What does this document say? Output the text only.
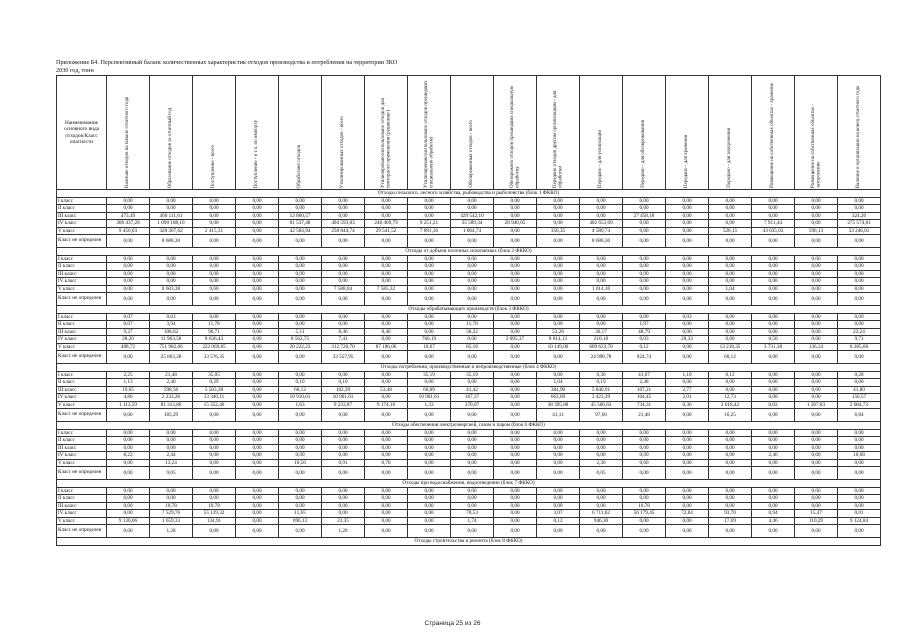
Приложение Б4. Перспективный баланс количественных характеристик отходов производства и потребления на территории ЗКО
2030 год, тонн
Наименование основного вида отходов/Класс опасности	Наличие отходов на начало отчетного года	Образование отходов за отчетный год	Поступление - всего	Поступление - в т.ч. по импорту	Обработано отходов	Утилизированных отходов - всего	Утилизировано/использовано отходов для повторного применения (рециклинг)	Утилизировано/использовано отходов прошедших специальную обработку	Обезвреженных отходов - всего	Обезврежено отходов прошедших специальную обработку	Передано отходов другим организациям - для обработки	Передано - для утилизации	Передано - для обезвреживания	Передано - для хранения	Передано - для захоронения	Размещение на собственных объектах - хранение	Размещение на собственных объектах - захоронение	Наличие в организации на конец отчетного года

Отходы сельского, лесного хозяйства, рыбоводства и рыболовства (блок 1 ФККО)																		
I класс	0,00	0,00	0,00	0,00	0,00	0,00	0,00	0,00	0,00	0,00	0,00	0,00	0,00	0,00	0,00	0,00	0,00	0,00
II класс	0,00	0,00	0,00	0,00	0,00	0,00	0,00	0,00	0,00	0,00	0,00	0,00	0,00	0,00	0,00	0,00	0,00	0,00
III класс	473,49	460 111,61	0,00	0,00	12 860,57	0,00	0,00	0,00	429 542,10	0,00	0,00	0,00	27 458,18	0,00	0,00	0,00	0,00	324,20
IV класс	306 437,28	1 090 188,10	0,00	0,00	81 537,48	494 593,83	248 469,79	9 251,21	35 589,34	28 940,05	0,00	402 653,09	0,00	0,00	0,00	7 911,44	0,00	275 574,81
V класс	9 456,03	328 367,62	2 415,31	0,00	42 584,94	258 844,74	29 541,52	7 891,36	1 064,74	0,00	356,35	4 580,74	0,00	0,00	526,15	43 035,03	596,13	33 246,01
Класс не определен	0,00	8 688,30	0,00	0,00	0,00	0,00	0,00	0,00	0,00	0,00	0,00	8 688,30	0,00	0,00	0,00	0,00	0,00	0,00
Отходы от добычи полезных ископаемых (блок 2 ФККО)																		
I класс	0,00	0,00	0,00	0,00	0,00	0,00	0,00	0,00	0,00	0,00	0,00	0,00	0,00	0,00	0,00	0,00	0,00	0,00
II класс	0,00	0,00	0,00	0,00	0,00	0,00	0,00	0,00	0,00	0,00	0,00	0,00	0,00	0,00	0,00	0,00	0,00	0,00
III класс	0,00	0,00	0,00	0,00	0,00	0,00	0,00	0,00	0,00	0,00	0,00	0,00	0,00	0,00	0,00	0,00	0,00	0,00
IV класс	0,00	0,00	0,00	0,00	0,00	0,00	0,00	0,00	0,00	0,00	0,00	0,00	0,00	0,00	0,00	0,00	0,00	0,00
V класс	0,00	8 603,38	9,60	0,00	0,00	7 588,04	7 585,32	0,00	0,00	0,00	0,00	1 014,10	0,00	0,00	1,04	0,00	0,00	8,00
Класс не определен	0,00	0,00	0,00	0,00	0,00	0,00	0,00	0,00	0,00	0,00	0,00	0,00	0,00	0,00	0,00	0,00	0,00	0,00
Отходы обрабатывающих производств (блок 3 ФККО)																		
I класс	0,07	0,03	0,00	0,00	0,00	0,00	0,00	0,00	0,00	0,00	0,00	0,00	0,00	0,03	0,00	0,00	0,00	0,00
II класс	0,07	3,94	11,78	0,00	0,00	0,00	0,00	0,00	11,78	0,00	0,00	0,00	1,97	0,00	0,00	0,00	0,00	0,00
III класс	9,27	108,62	96,71	0,00	5,11	8,46	8,46	0,00	38,32	0,00	53,26	36,17	48,79	0,00	0,00	0,00	0,00	22,24
IV класс	28,20	11 963,58	8 636,43	0,00	8 562,75	7,41	0,00	760,19	0,00	2 895,37	8 814,13	210,18	0,03	28,33	0,00	0,50	0,00	9,71
V класс	488,72	751 982,06	222 069,85	0,00	20 222,23	312 720,70	87 186,06	10,67	85,18	0,00	10 149,00	609 623,70	0,12	0,00	13 218,35	3 731,38	136,24	8 285,68
Класс не определен	0,00	25 863,28	33 576,35	0,00	0,00	33 557,95	0,00	0,00	0,00	0,00	0,00	24 996,78	824,74	0,00	60,12	0,00	0,00	0,00
Отходы потребления, производственные и непроизводственные (блок 4 ФККО)																		
I класс	2,25	21,48	35,05	0,00	0,00	0,00	0,00	35,19	35,19	0,00	0,00	0,36	41,67	1,10	0,12	0,00	0,00	0,28
II класс	1,13	2,40	0,29	0,00	0,10	0,10	0,00	0,00	0,00	0,00	1,04	0,19	2,48	0,00	0,00	0,00	0,00	0,00
III класс	19,65	598,56	5 503,38	0,00	68,12	102,29	53,48	66,09	41,42	0,00	384,90	5 840,91	107,21	2,77	0,00	0,00	0,00	41,80
IV класс	4,86	2 233,26	13 340,11	0,00	10 910,61	10 901,61	0,00	10 901,61	167,37	0,00	663,69	3 423,39	104,45	2,01	12,73	0,00	0,00	156,57
V класс	1 113,59	81 313,86	15 352,46	0,00	1,63	9 233,87	9 174,16	1,33	370,07	0,00	38 395,88	45 566,63	734,31	0,36	2 618,42	0,02	1 367,83	2 004,73
Класс не определен	0,00	183,29	0,00	0,00	0,00	0,00	0,00	0,00	0,00	0,00	41,11	97,60	21,48	0,00	16,25	0,00	0,00	6,84
Отходы обеспечения электроэнергией, газом и паром (блок 6 ФККО)																		
I класс	0,00	0,00	0,00	0,00	0,00	0,00	0,00	0,00	0,00	0,00	0,00	0,00	0,00	0,00	0,00	0,00	0,00	0,00
II класс	0,00	0,00	0,00	0,00	0,00	0,00	0,00	0,00	0,00	0,00	0,00	0,00	0,00	0,00	0,00	0,00	0,00	0,00
III класс	0,00	0,00	0,00	0,00	0,00	0,00	0,00	0,00	0,00	0,00	0,00	0,00	0,00	0,00	0,00	0,00	0,00	0,00
IV класс	8,22	2,44	0,00	0,00	0,00	0,00	0,00	0,00	0,00	0,00	0,00	0,00	0,00	0,00	0,00	2,46	0,00	10,68
V класс	0,00	13,24	0,00	0,00	10,56	0,91	0,78	0,00	0,00	0,00	0,00	2,36	0,60	0,00	0,00	0,00	0,00	0,00
Класс не определен	0,00	9,05	0,00	0,00	0,00	0,00	0,00	0,00	0,00	0,00	0,00	0,05	0,00	0,00	0,00	0,00	0,00	0,00
Отходы при водоснабжении, водоотведении (блок 7 ФККО)																		
I класс	0,00	0,00	0,00	0,00	0,00	0,00	0,00	0,00	0,00	0,00	0,00	0,00	0,00	0,00	0,00	0,00	0,00	0,00
II класс	0,00	0,00	0,00	0,00	0,00	0,00	0,00	0,00	0,00	0,00	0,00	0,00	0,00	0,00	0,00	0,00	0,00	0,00
III класс	0,00	10,78	10,78	0,00	0,00	0,00	0,00	0,00	0,00	0,00	0,00	0,00	10,78	0,00	0,00	0,00	0,00	0,00
IV класс	0,00	7 529,76	55 139,32	0,00	11,65	0,00	0,00	0,00	78,53	0,00	3,07	6 711,62	56 179,45	72,84	93,70	0,94	15,47	0,01
V класс	9 130,06	1 659,33	134,91	0,00	696,13	23,35	0,00	0,00	1,74	0,00	0,12	946,30	0,00	0,00	17,69	4,46	110,29	9 124,84
Класс не определен	0,00	1,28	0,00	0,00	0,00	1,28	0,00	0,00	0,00	0,00	0,00	0,00	0,00	0,00	0,00	0,00	0,00	0,00
Отходы строительства и ремонта (блок 8 ФККО)																		
Страница 25 из 26
